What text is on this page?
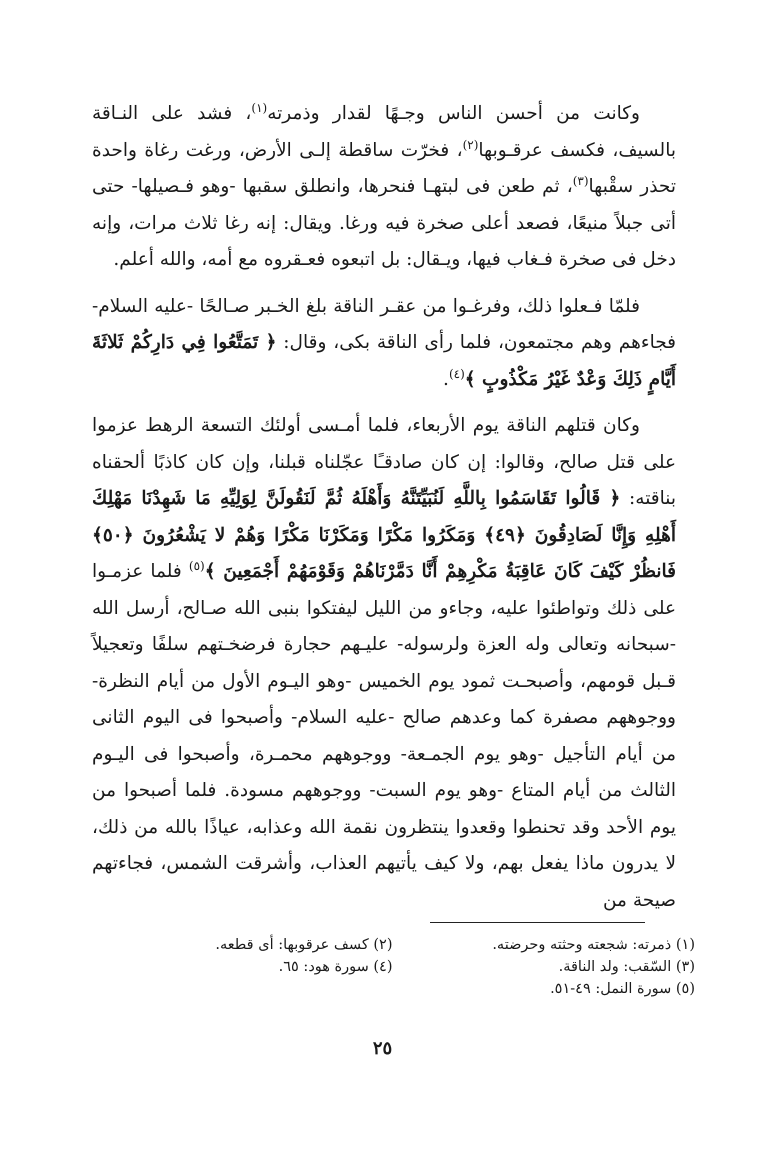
وكانت من أحسن الناس وجـهًا لقدار وذمرته$^{(١)}$، فشد على النـاقة بالسيف، فكسف عرقـوبها$^{(٢)}$، فخرّت ساقطة إلـى الأرض، ورغت رغاة واحدة تحذر سقْبها$^{(٣)}$، ثم طعن فى لبتهـا فنحرها، وانطلق سقبها -وهو فـصيلها- حتى أتى جبلاً منيعًا، فصعد أعلى صخرة فيه ورغا. ويقال: إنه رغا ثلاث مرات، وإنه دخل فى صخرة فـغاب فيها، ويـقال: بل اتبعوه فعـقروه مع أمه، والله أعلم.

فلمّا فـعلوا ذلك، وفرغـوا من عقـر الناقة بلغ الخـبر صـالحًا -عليه السلام- فجاءهم وهم مجتمعون، فلما رأى الناقة بكى، وقال: ﴿ تَمَتَّعُوا فِي دَارِكُمْ ثَلاثَةَ أَيَّامٍ ذَلِكَ وَعْدٌ غَيْرُ مَكْذُوبٍ ﴾$^{(٤)}$.

وكان قتلهم الناقة يوم الأربعاء، فلما أمـسى أولئك التسعة الرهط عزموا على قتل صالح، وقالوا: إن كان صادقـًا عجّلناه قبلنا، وإن كان كاذبًا ألحقناه بناقته: ﴿ قَالُوا تَقَاسَمُوا بِاللَّهِ لَنُبَيِّتَنَّهُ وَأَهْلَهُ ثُمَّ لَنَقُولَنَّ لِوَلِيِّهِ مَا شَهِدْنَا مَهْلِكَ أَهْلِهِ وَإِنَّا لَصَادِقُونَ ﴿٤٩﴾ وَمَكَرُوا مَكْرًا وَمَكَرْنَا مَكْرًا وَهُمْ لا يَشْعُرُونَ ﴿٥٠﴾ فَانظُرْ كَيْفَ كَانَ عَاقِبَةُ مَكْرِهِمْ أَنَّا دَمَّرْنَاهُمْ وَقَوْمَهُمْ أَجْمَعِينَ ﴾$^{(٥)}$ فلما عزمـوا على ذلك وتواطئوا عليه، وجاءو من الليل ليفتكوا بنبى الله صـالح، أرسل الله -سبحانه وتعالى وله العزة ولرسوله- عليـهم حجارة فرضخـتهم سلفًا وتعجيلاً قـبل قومهم، وأصبحـت ثمود يوم الخميس -وهو اليـوم الأول من أيام النظرة- ووجوههم مصفرة كما وعدهم صالح -عليه السلام- وأصبحوا فى اليوم الثانى من أيام التأجيل -وهو يوم الجمـعة- ووجوههم محمـرة، وأصبحوا فى اليـوم الثالث من أيام المتاع -وهو يوم السبت- ووجوههم مسودة. فلما أصبحوا من يوم الأحد وقد تحنطوا وقعدوا ينتظرون نقمة الله وعذابه، عياذًا بالله من ذلك، لا يدرون ماذا يفعل بهم، ولا كيف يأتيهم العذاب، وأشرقت الشمس، فجاءتهم صيحة من

(١) ذمرته: شجعته وحثته وحرضته.
(٣) السّقب: ولد الناقة.
(٥) سورة النمل: ٤٩-٥١.
(٢) كسف عرقوبها: أى قطعه.
(٤) سورة هود: ٦٥.
٢٥
